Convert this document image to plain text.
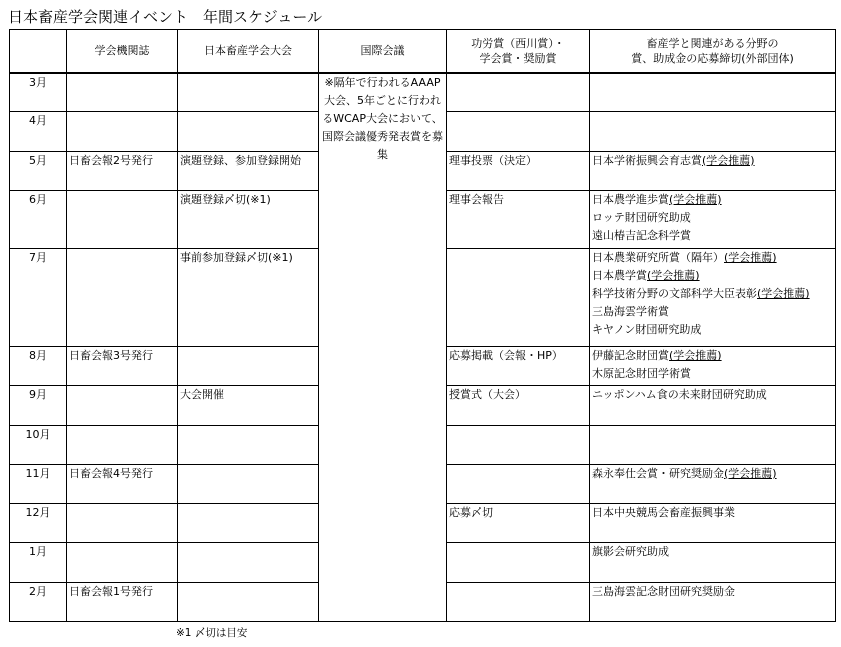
日本畜産学会関連イベント　年間スケジュール
	学会機関誌	日本畜産学会大会	国際会議	功労賞（西川賞）・
学会賞・奨励賞	畜産学と関連がある分野の
賞、助成金の応募締切(外部団体)

3月			※隔年で行われるAAAP大会、5年ごとに行われるWCAP大会において、国際会議優秀発表賞を募集		
4月					
5月	日畜会報2号発行	演題登録、参加登録開始		理事投票（決定）	日本学術振興会育志賞(学会推薦)

6月		演題登録〆切(※1)		理事会報告	日本農学進歩賞(学会推薦)
ロッテ財団研究助成
遠山椿吉記念科学賞

7月		事前参加登録〆切(※1)			日本農業研究所賞（隔年）(学会推薦)
日本農学賞(学会推薦)
科学技術分野の文部科学大臣表彰(学会推薦)
三島海雲学術賞
キヤノン財団研究助成

8月	日畜会報3号発行			応募掲載（会報・HP）	伊藤記念財団賞(学会推薦)
木原記念財団学術賞

9月		大会開催		授賞式（大会）	ニッポンハム食の未来財団研究助成

10月					
11月	日畜会報4号発行				森永奉仕会賞・研究奨励金(学会推薦)

12月				応募〆切	日本中央競馬会畜産振興事業

1月					旗影会研究助成

2月	日畜会報1号発行				三島海雲記念財団研究奨励金
※1 〆切は目安
